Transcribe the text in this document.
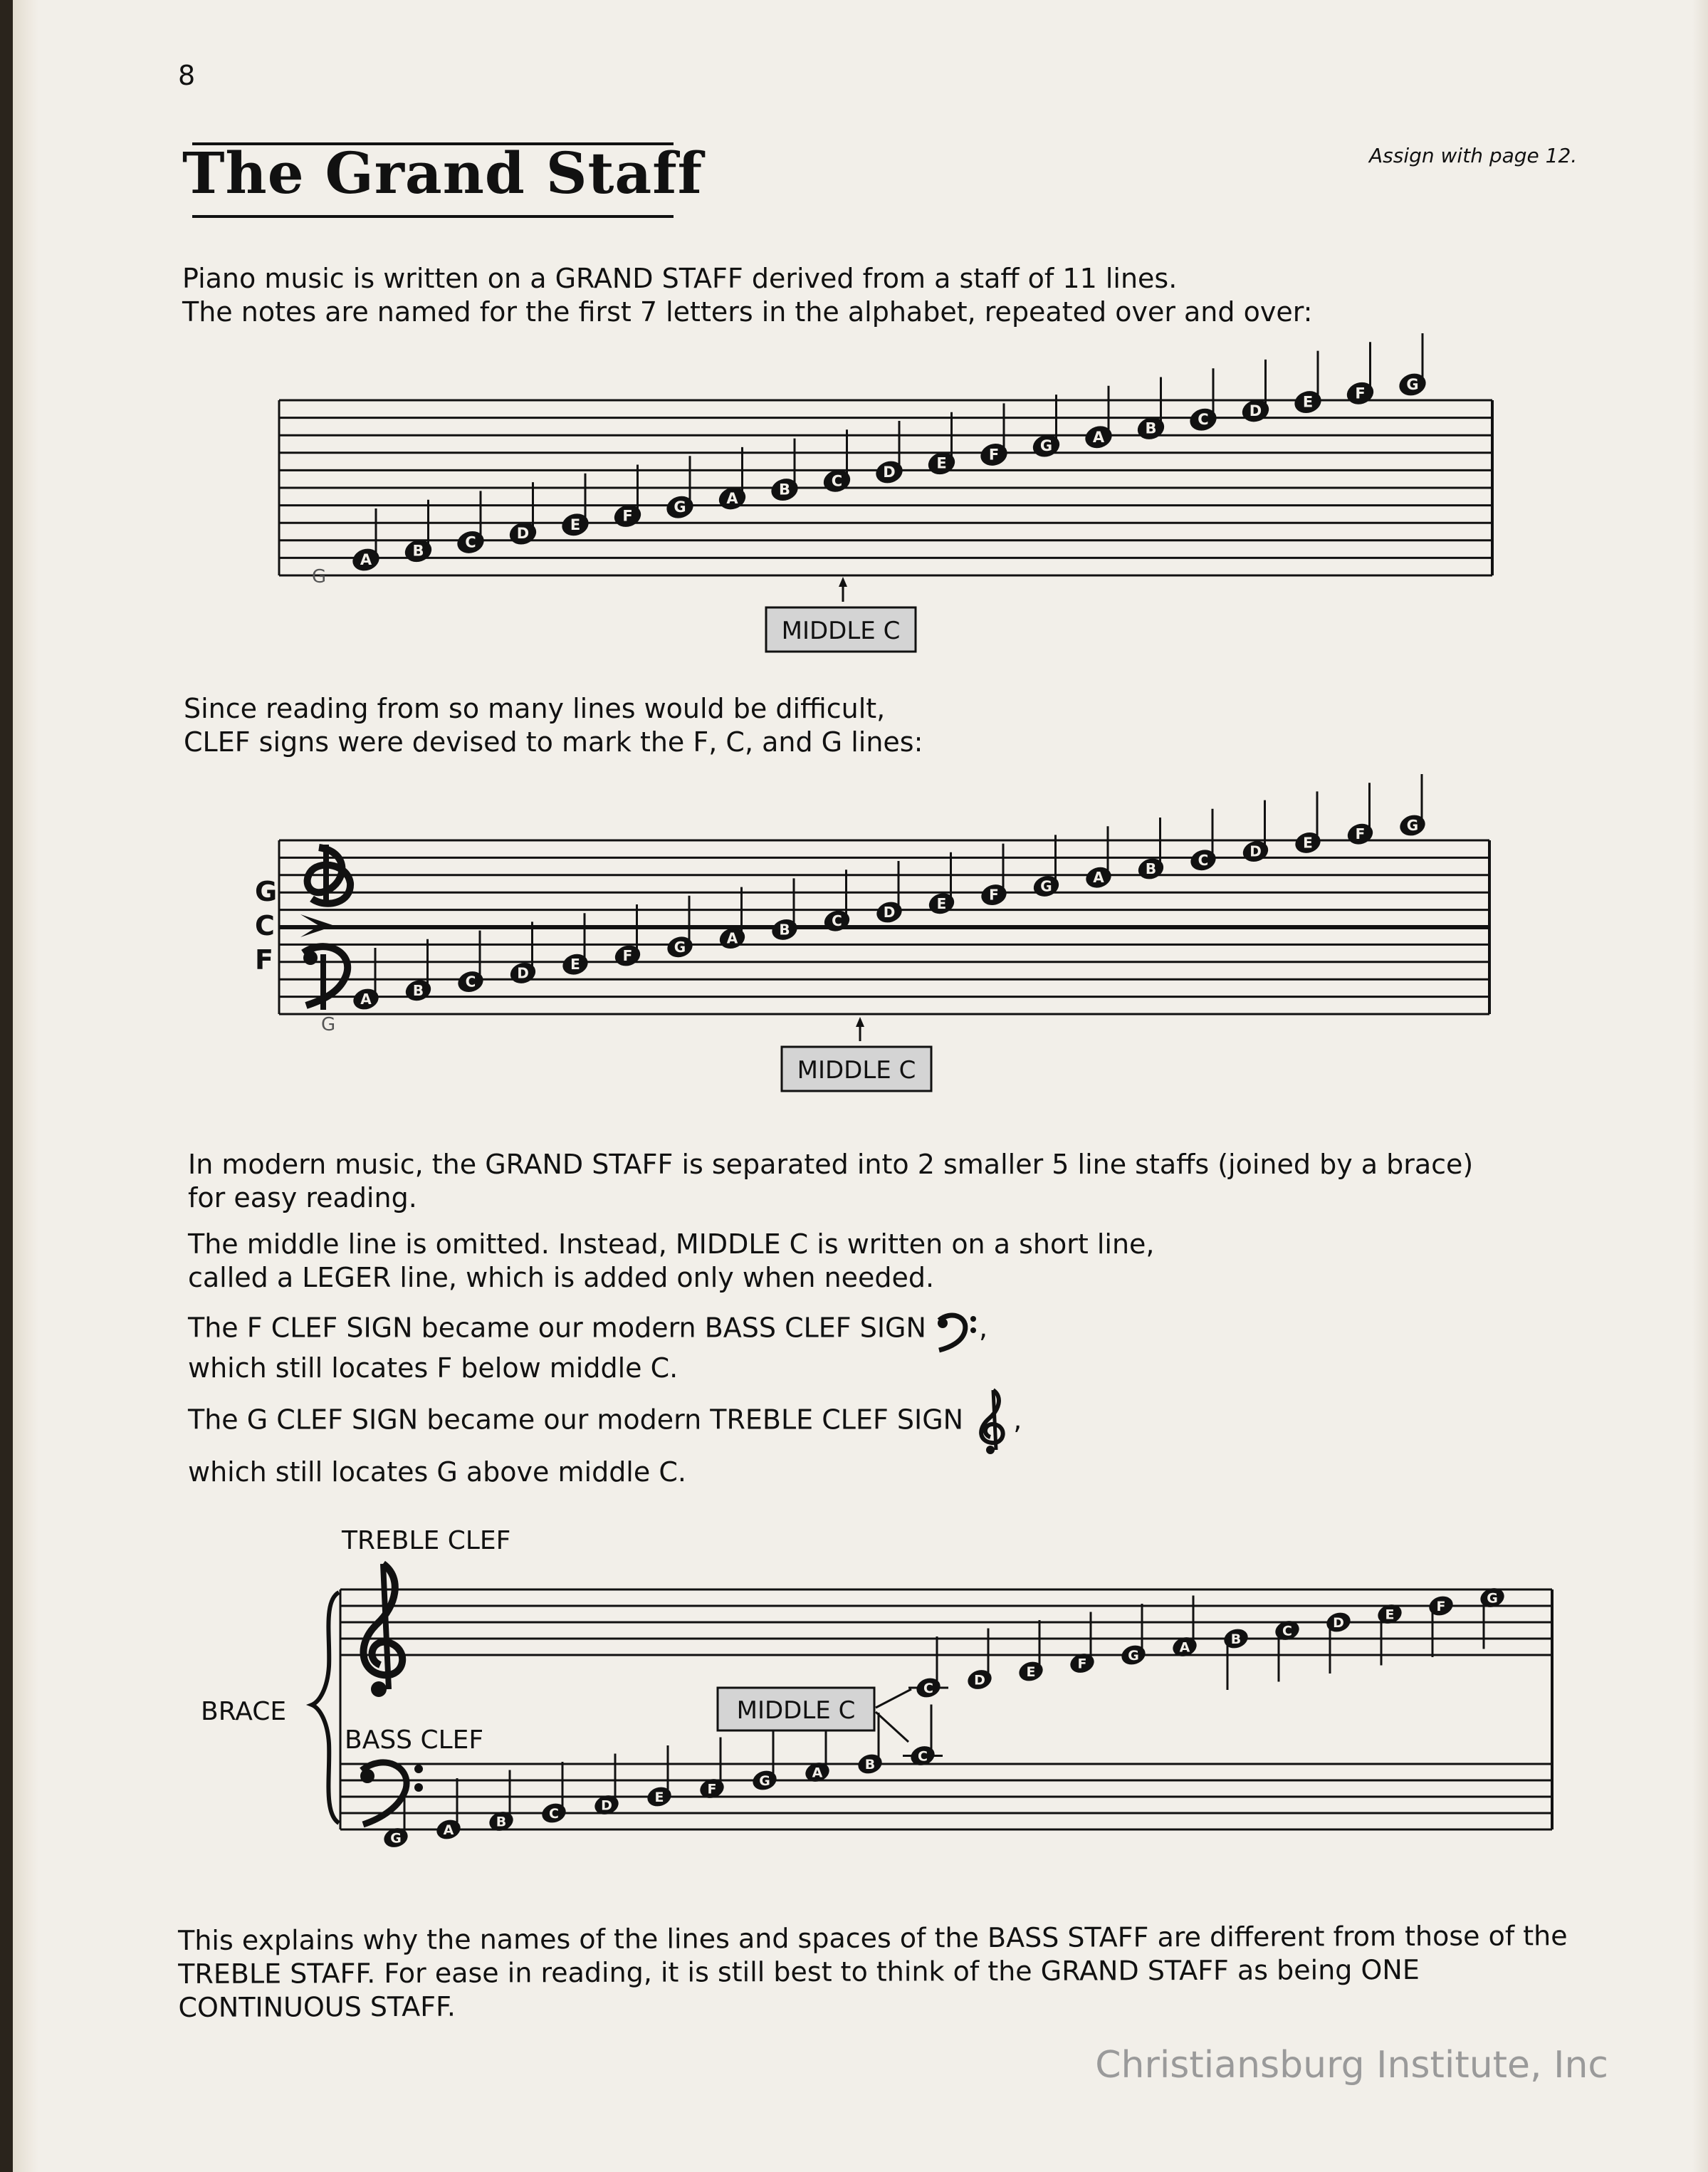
8
The Grand Staff	Assign with page 12.
Piano music is written on a GRAND STAFF derived from a staff of 11 lines.
The notes are named for the first 7 letters in the alphabet, repeated over and over:
A
B
C
D
E
F
G
A
B
C
D
E
F
G
A
B
C
D
E
F
G
G
MIDDLE C
Since reading from so many lines would be difficult,
CLEF signs were devised to mark the F, C, and G lines:
A
B
C
D
E
F
G
A
B
C
D
E
F
G
A
B
C
D
E
F
G
G
C
F
G
MIDDLE C
In modern music, the GRAND STAFF is separated into 2 smaller 5 line staffs (joined by a brace)
for easy reading.
The middle line is omitted. Instead, MIDDLE C is written on a short line,
called a LEGER line, which is added only when needed.
The F CLEF SIGN became our modern BASS CLEF SIGN ,
which still locates F below middle C.
The G CLEF SIGN became our modern TREBLE CLEF SIGN ,
which still locates G above middle C.
TREBLE CLEF
BASS CLEF
BRACE
C
D
E
F
G
A
B
C
D
E
F
G
G
A
B
C
D
E
F
G
A
B
C
MIDDLE C
This explains why the names of the lines and spaces of the BASS STAFF are different from those of the
TREBLE STAFF. For ease in reading, it is still best to think of the GRAND STAFF as being ONE
CONTINUOUS STAFF.
Christiansburg Institute, Inc
